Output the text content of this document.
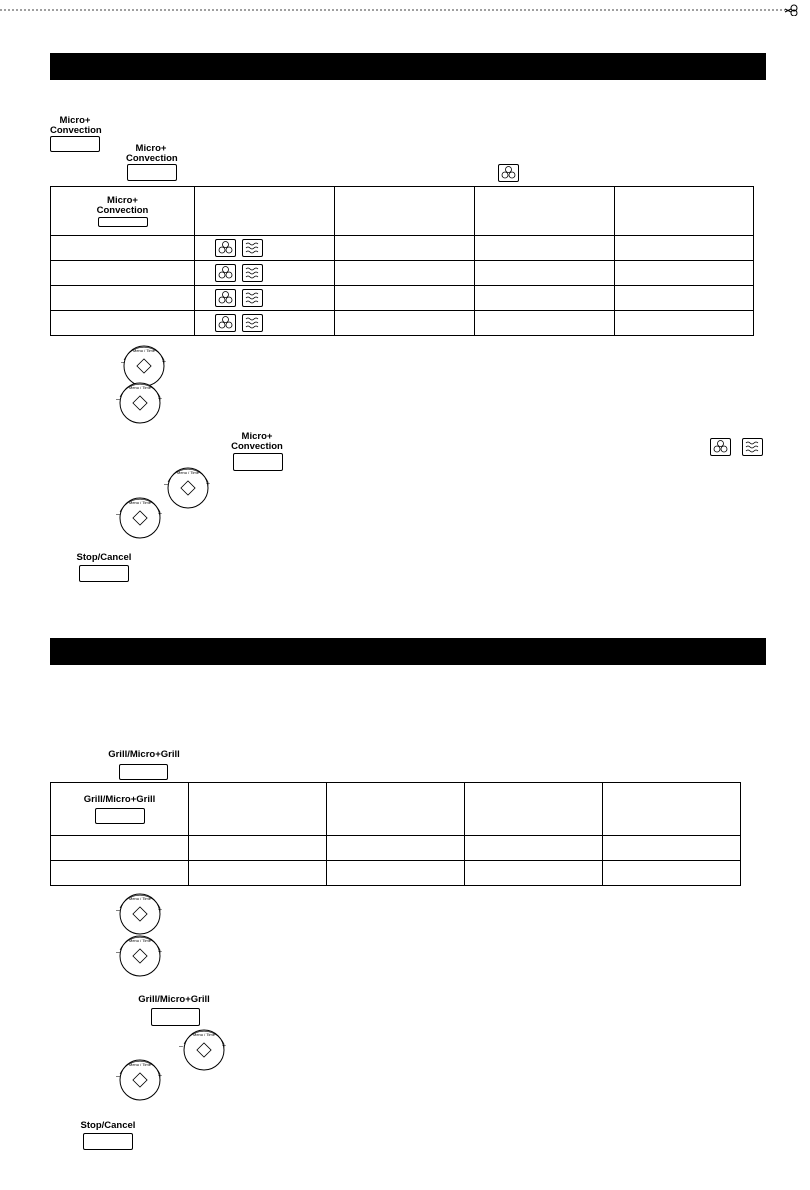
Micro+
Convection
Micro+
Convection
Micro+
Convection				

Menu / Time
–	+
Menu / Time
–	+
Micro+
Convection
Menu / Time
–	+
Menu / Time
–	+
Stop/Cancel
Grill/Micro+Grill
Grill/Micro+Grill				

Menu / Time
–	+
Menu / Time
–	+
Grill/Micro+Grill
Menu / Time
–	+
Menu / Time
–	+
Stop/Cancel
